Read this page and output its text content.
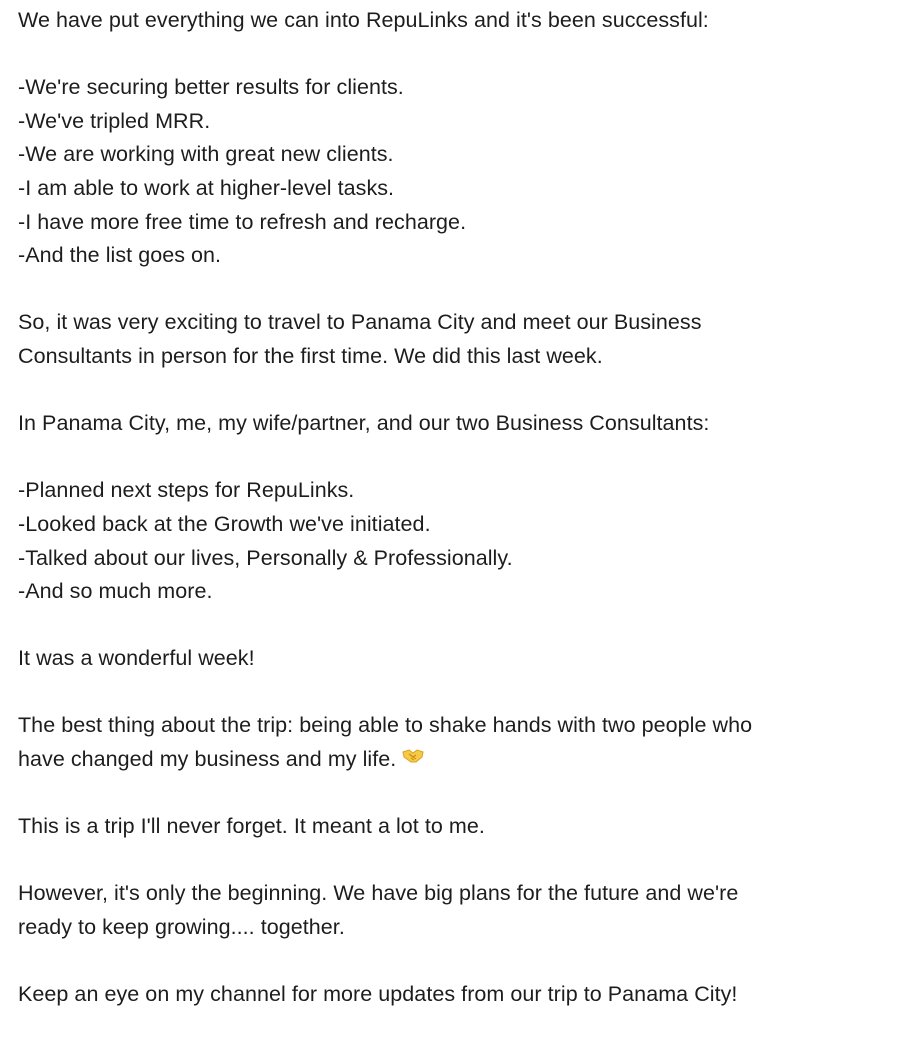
We have put everything we can into RepuLinks and it's been successful:

-We're securing better results for clients.
-We've tripled MRR.
-We are working with great new clients.
-I am able to work at higher-level tasks.
-I have more free time to refresh and recharge.
-And the list goes on.

So, it was very exciting to travel to Panama City and meet our Business
Consultants in person for the first time. We did this last week.

In Panama City, me, my wife/partner, and our two Business Consultants:

-Planned next steps for RepuLinks.
-Looked back at the Growth we've initiated.
-Talked about our lives, Personally & Professionally.
-And so much more.

It was a wonderful week!

The best thing about the trip: being able to shake hands with two people who
have changed my business and my life.

This is a trip I'll never forget. It meant a lot to me.

However, it's only the beginning. We have big plans for the future and we're
ready to keep growing.... together.

Keep an eye on my channel for more updates from our trip to Panama City!
